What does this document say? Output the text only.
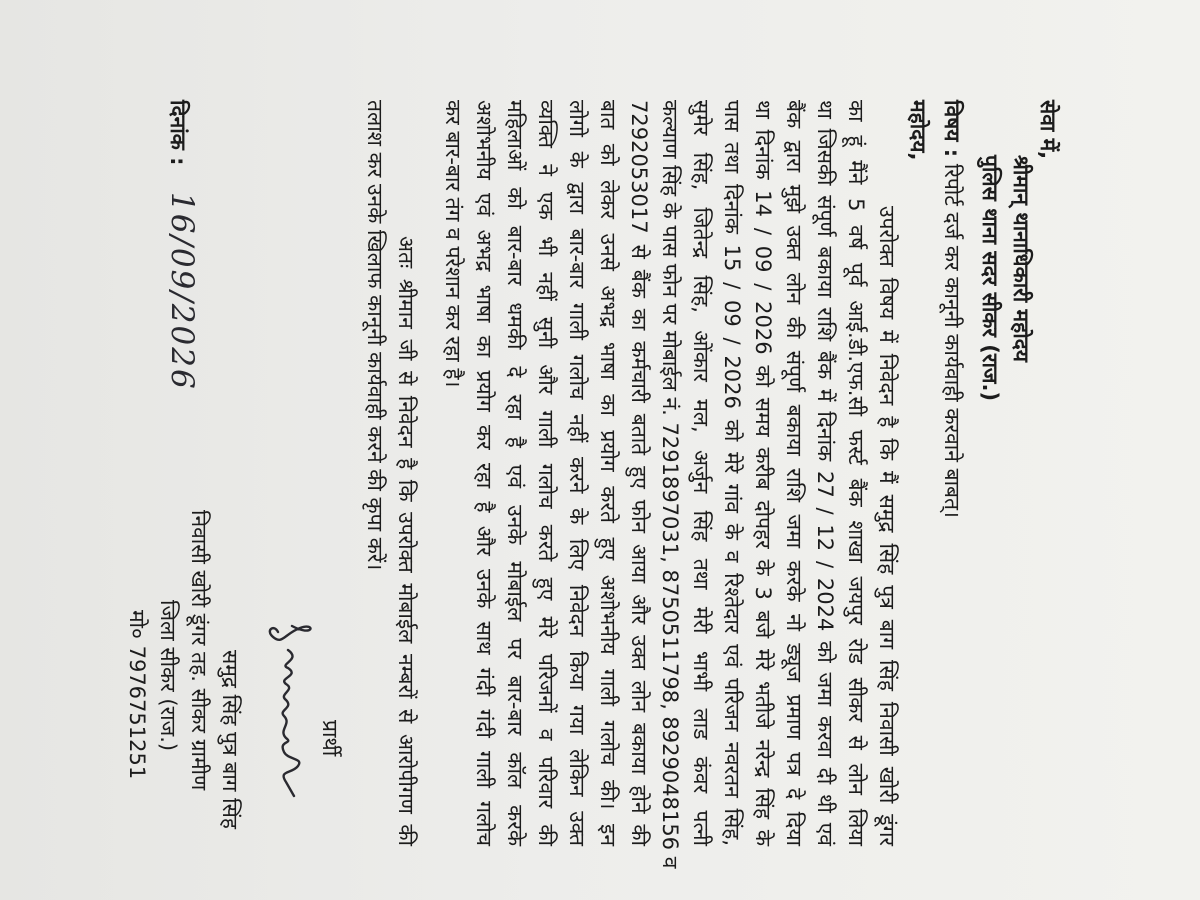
सेवा में,
श्रीमान् थानाधिकारी महोदय
पुलिस थाना सदर सीकर (राज.)
विषय : रिपोर्ट दर्ज कर कानूनी कार्यवाही करवाने बाबत्।
महोदय,
उपरोक्त विषय में निवेदन है कि मैं समुद्र सिंह पुत्र बाग सिंह निवासी खोरी डूंगर
का हूं मैंने 5 वर्ष पूर्व आई.डी.एफ.सी फर्स्ट बैंक शाखा जयपुर रोड सीकर से लोन लिया
था जिसकी संपूर्ण बकाया राशि बैंक में दिनांक 27 / 12 / 2024 को जमा करवा दी थी एवं
बैंक द्वारा मुझे उक्त लोन की संपूर्ण बकाया राशि जमा करके नो ड्यूज प्रमाण पत्र दे दिया
था दिनांक 14 / 09 / 2026 को समय करीब दोपहर के 3 बजे मेरे भतीजे नरेन्द्र सिंह के
पास तथा दिनांक 15 / 09 / 2026 को मेरे गांव के व रिश्तेदार एवं परिजन नवरतन सिंह,
सुमेर सिंह, जितेन्द्र सिंह, ओंकार मल, अर्जुन सिंह तथा मेरी भाभी लाड कंवर पत्नी
कल्याण सिंह के पास फोन पर मोबाईल नं. 7291897031, 8750511798, 8929048156 व
7292053017 से बैंक का कर्मचारी बताते हुए फोन आया और उक्त लोन बकाया होने की
बात को लेकर उनसे अभद्र भाषा का प्रयोग करते हुए अशोभनीय गाली गलोच की। इन
लोगो के द्वारा बार-बार गाली गलोच नहीं करने के लिए निवेदन किया गया लेकिन उक्त
व्यक्ति ने एक भी नहीं सुनी और गाली गलोच करते हुए मेरे परिजनों व परिवार की
महिलाओं को बार-बार धमकी दे रहा है एवं उनके मोबाईल पर बार-बार कॉल करके
अशोभनीय एवं अभद्र भाषा का प्रयोग कर रहा है और उनके साथ गंदी गंदी गाली गलोच
कर बार-बार तंग व परेशान कर रहा है।
अतः श्रीमान जी से निवेदन है कि उपरोक्त मोबाईल नम्बरों से आरोपीगण की
तलाश कर उनके खिलाफ कानूनी कार्यवाही करने की कृपा करें।
प्रार्थी
समुद्र सिंह पुत्र बाग सिंह
निवासी खोरी डूंगर तह. सीकर ग्रामीण
जिला सीकर (राज.)
मो० 7976751251
दिनांक :
16/09/2026
